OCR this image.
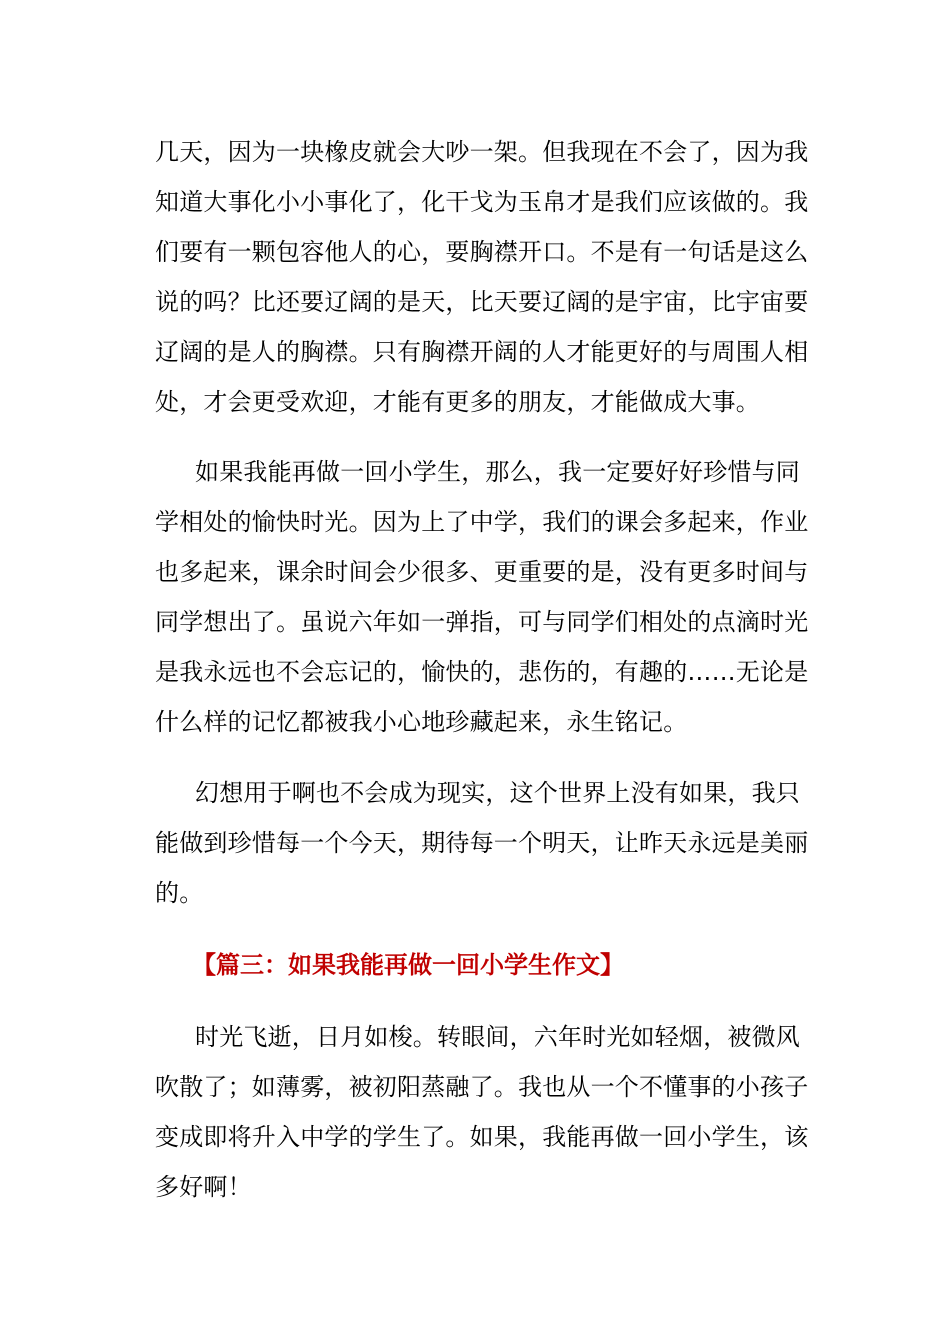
几天，因为一块橡皮就会大吵一架。但我现在不会了，因为我
知道大事化小小事化了，化干戈为玉帛才是我们应该做的。我
们要有一颗包容他人的心，要胸襟开口。不是有一句话是这么
说的吗？比还要辽阔的是天，比天要辽阔的是宇宙，比宇宙要
辽阔的是人的胸襟。只有胸襟开阔的人才能更好的与周围人相
处，才会更受欢迎，才能有更多的朋友，才能做成大事。
如果我能再做一回小学生，那么，我一定要好好珍惜与同
学相处的愉快时光。因为上了中学，我们的课会多起来，作业
也多起来，课余时间会少很多、更重要的是，没有更多时间与
同学想出了。虽说六年如一弹指，可与同学们相处的点滴时光
是我永远也不会忘记的，愉快的，悲伤的，有趣的……无论是
什么样的记忆都被我小心地珍藏起来，永生铭记。
幻想用于啊也不会成为现实，这个世界上没有如果，我只
能做到珍惜每一个今天，期待每一个明天，让昨天永远是美丽
的。
【篇三：如果我能再做一回小学生作文】
时光飞逝，日月如梭。转眼间，六年时光如轻烟，被微风
吹散了；如薄雾，被初阳蒸融了。我也从一个不懂事的小孩子
变成即将升入中学的学生了。如果，我能再做一回小学生，该
多好啊！
